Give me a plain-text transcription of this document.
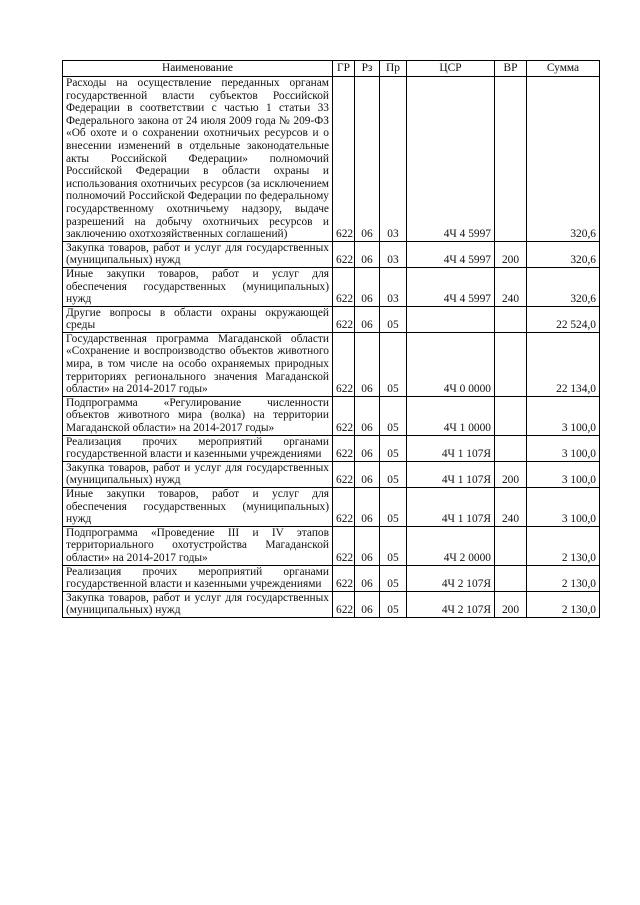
Наименование	ГР	Рз	Пр	ЦСР	ВР	Сумма
Расходы на осуществление переданных органам государственной власти субъектов Российской Федерации в соответствии с частью 1 статьи 33 Федерального закона от 24 июля 2009 года № 209-ФЗ «Об охоте и о сохранении охотничьих ресурсов и о внесении изменений в отдельные законодательные акты Российской Федерации» полномочий Российской Федерации в области охраны и использования охотничьих ресурсов (за исключением полномочий Российской Федерации по федеральному государственному охотничьему надзору, выдаче разрешений на добычу охотничьих ресурсов и заключению охотхозяйственных соглашений)	622	06	03	4Ч 4 5997		320,6
Закупка товаров, работ и услуг для государственных (муниципальных) нужд	622	06	03	4Ч 4 5997	200	320,6
Иные закупки товаров, работ и услуг для обеспечения государственных (муниципальных) нужд	622	06	03	4Ч 4 5997	240	320,6
Другие вопросы в области охраны окружающей среды	622	06	05			22 524,0
Государственная программа Магаданской области «Сохранение и воспроизводство объектов животного мира, в том числе на особо охраняемых природных территориях регионального значения Магаданской области» на 2014-2017 годы»	622	06	05	4Ч 0 0000		22 134,0
Подпрограмма «Регулирование численности объектов животного мира (волка) на территории Магаданской области» на 2014-2017 годы»	622	06	05	4Ч 1 0000		3 100,0
Реализация прочих мероприятий органами государственной власти и казенными учреждениями	622	06	05	4Ч 1 107Я		3 100,0
Закупка товаров, работ и услуг для государственных (муниципальных) нужд	622	06	05	4Ч 1 107Я	200	3 100,0
Иные закупки товаров, работ и услуг для обеспечения государственных (муниципальных) нужд	622	06	05	4Ч 1 107Я	240	3 100,0
Подпрограмма «Проведение III и IV этапов территориального охотустройства Магаданской области» на 2014-2017 годы»	622	06	05	4Ч 2 0000		2 130,0
Реализация прочих мероприятий органами государственной власти и казенными учреждениями	622	06	05	4Ч 2 107Я		2 130,0
Закупка товаров, работ и услуг для государственных (муниципальных) нужд	622	06	05	4Ч 2 107Я	200	2 130,0
